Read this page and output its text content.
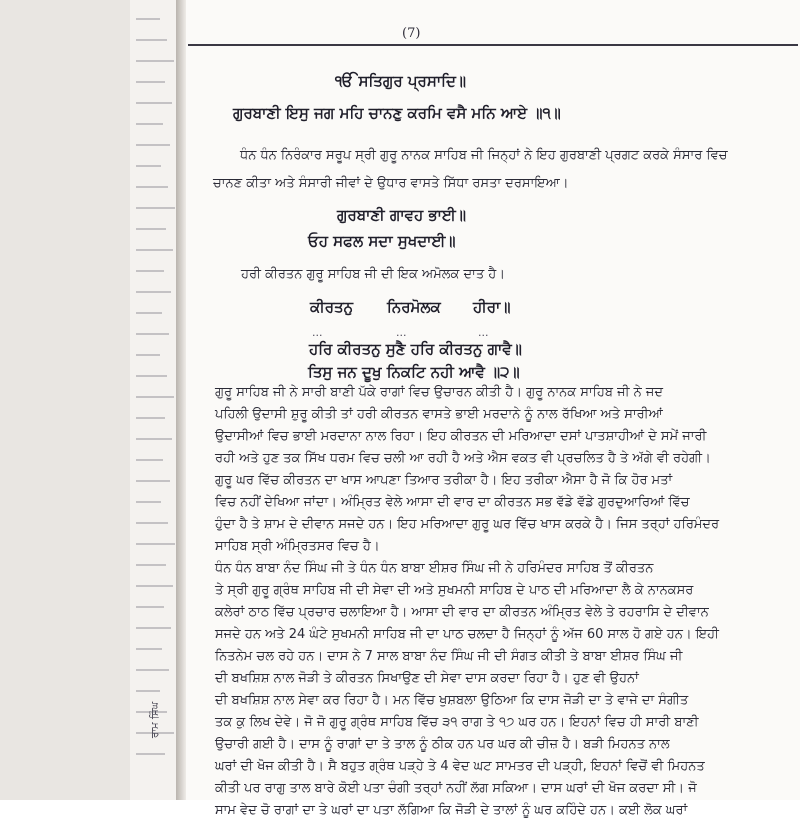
(7)
ੴ ਸਤਿਗੁਰ ਪ੍ਰਸਾਦਿ॥
ਗੁਰਬਾਣੀ ਇਸੁ ਜਗ ਮਹਿ ਚਾਨਣੁ ਕਰਮਿ ਵਸੈ ਮਨਿ ਆਏ ॥੧॥
ਧੰਨ ਧੰਨ ਨਿਰੰਕਾਰ ਸਰੂਪ ਸ੍ਰੀ ਗੁਰੂ ਨਾਨਕ ਸਾਹਿਬ ਜੀ ਜਿਨ੍ਹਾਂ ਨੇ ਇਹ ਗੁਰਬਾਣੀ ਪ੍ਰਗਟ ਕਰਕੇ ਸੰਸਾਰ ਵਿਚ
ਚਾਨਣ ਕੀਤਾ ਅਤੇ ਸੰਸਾਰੀ ਜੀਵਾਂ ਦੇ ਉਧਾਰ ਵਾਸਤੇ ਸਿੱਧਾ ਰਸਤਾ ਦਰਸਾਇਆ।
ਗੁਰਬਾਣੀ ਗਾਵਹ ਭਾਈ॥
ਓਹ ਸਫਲ ਸਦਾ ਸੁਖਦਾਈ॥
ਹਰੀ ਕੀਰਤਨ ਗੁਰੂ ਸਾਹਿਬ ਜੀ ਦੀ ਇਕ ਅਮੋਲਕ ਦਾਤ ਹੈ।
ਕੀਰਤਨੁ ਨਿਰਮੋਲਕ ਹੀਰਾ॥
...	...	...
ਹਰਿ ਕੀਰਤਨੁ ਸੁਣੈ ਹਰਿ ਕੀਰਤਨੁ ਗਾਵੈ॥
ਤਿਸੁ ਜਨ ਦੂਖੁ ਨਿਕਟਿ ਨਹੀ ਆਵੈ ॥੨॥
ਗੁਰੂ ਸਾਹਿਬ ਜੀ ਨੇ ਸਾਰੀ ਬਾਣੀ ਪੱਕੇ ਰਾਗਾਂ ਵਿਚ ਉਚਾਰਨ ਕੀਤੀ ਹੈ। ਗੁਰੂ ਨਾਨਕ ਸਾਹਿਬ ਜੀ ਨੇ ਜਦ
ਪਹਿਲੀ ਉਦਾਸੀ ਸ਼ੁਰੂ ਕੀਤੀ ਤਾਂ ਹਰੀ ਕੀਰਤਨ ਵਾਸਤੇ ਭਾਈ ਮਰਦਾਨੇ ਨੂੰ ਨਾਲ ਰੱਖਿਆ ਅਤੇ ਸਾਰੀਆਂ
ਉਦਾਸੀਆਂ ਵਿਚ ਭਾਈ ਮਰਦਾਨਾ ਨਾਲ ਰਿਹਾ। ਇਹ ਕੀਰਤਨ ਦੀ ਮਰਿਆਦਾ ਦਸਾਂ ਪਾਤਸ਼ਾਹੀਆਂ ਦੇ ਸਮੇਂ ਜਾਰੀ
ਰਹੀ ਅਤੇ ਹੁਣ ਤਕ ਸਿੱਖ ਧਰਮ ਵਿਚ ਚਲੀ ਆ ਰਹੀ ਹੈ ਅਤੇ ਐਸ ਵਕਤ ਵੀ ਪ੍ਰਚਲਿਤ ਹੈ ਤੇ ਅੱਗੇ ਵੀ ਰਹੇਗੀ।
ਗੁਰੂ ਘਰ ਵਿੱਚ ਕੀਰਤਨ ਦਾ ਖਾਸ ਆਪਣਾ ਤਿਆਰ ਤਰੀਕਾ ਹੈ। ਇਹ ਤਰੀਕਾ ਐਸਾ ਹੈ ਜੋ ਕਿ ਹੋਰ ਮਤਾਂ
ਵਿਚ ਨਹੀਂ ਦੇਖਿਆ ਜਾਂਦਾ। ਅੰਮ੍ਰਿਤ ਵੇਲੇ ਆਸਾ ਦੀ ਵਾਰ ਦਾ ਕੀਰਤਨ ਸਭ ਵੱਡੇ ਵੱਡੇ ਗੁਰਦੁਆਰਿਆਂ ਵਿੱਚ
ਹੁੰਦਾ ਹੈ ਤੇ ਸ਼ਾਮ ਦੇ ਦੀਵਾਨ ਸਜਦੇ ਹਨ। ਇਹ ਮਰਿਆਦਾ ਗੁਰੂ ਘਰ ਵਿੱਚ ਖਾਸ ਕਰਕੇ ਹੈ। ਜਿਸ ਤਰ੍ਹਾਂ ਹਰਿਮੰਦਰ
ਸਾਹਿਬ ਸ੍ਰੀ ਅੰਮ੍ਰਿਤਸਰ ਵਿਚ ਹੈ।
ਧੰਨ ਧੰਨ ਬਾਬਾ ਨੰਦ ਸਿੰਘ ਜੀ ਤੇ ਧੰਨ ਧੰਨ ਬਾਬਾ ਈਸ਼ਰ ਸਿੰਘ ਜੀ ਨੇ ਹਰਿਮੰਦਰ ਸਾਹਿਬ ਤੋਂ ਕੀਰਤਨ
ਤੇ ਸ੍ਰੀ ਗੁਰੂ ਗ੍ਰੰਥ ਸਾਹਿਬ ਜੀ ਦੀ ਸੇਵਾ ਦੀ ਅਤੇ ਸੁਖਮਨੀ ਸਾਹਿਬ ਦੇ ਪਾਠ ਦੀ ਮਰਿਆਦਾ ਲੈ ਕੇ ਨਾਨਕਸਰ
ਕਲੇਰਾਂ ਠਾਠ ਵਿੱਚ ਪ੍ਰਚਾਰ ਚਲਾਇਆ ਹੈ। ਆਸਾ ਦੀ ਵਾਰ ਦਾ ਕੀਰਤਨ ਅੰਮ੍ਰਿਤ ਵੇਲੇ ਤੇ ਰਹਰਾਸਿ ਦੇ ਦੀਵਾਨ
ਸਜਦੇ ਹਨ ਅਤੇ 24 ਘੰਟੇ ਸੁਖਮਨੀ ਸਾਹਿਬ ਜੀ ਦਾ ਪਾਠ ਚਲਦਾ ਹੈ ਜਿਨ੍ਹਾਂ ਨੂੰ ਅੱਜ 60 ਸਾਲ ਹੋ ਗਏ ਹਨ। ਇਹੀ
ਨਿਤਨੇਮ ਚਲ ਰਹੇ ਹਨ। ਦਾਸ ਨੇ 7 ਸਾਲ ਬਾਬਾ ਨੰਦ ਸਿੰਘ ਜੀ ਦੀ ਸੰਗਤ ਕੀਤੀ ਤੇ ਬਾਬਾ ਈਸ਼ਰ ਸਿੰਘ ਜੀ
ਦੀ ਬਖਸ਼ਿਸ਼ ਨਾਲ ਜੋੜੀ ਤੇ ਕੀਰਤਨ ਸਿਖਾਉਣ ਦੀ ਸੇਵਾ ਦਾਸ ਕਰਦਾ ਰਿਹਾ ਹੈ। ਹੁਣ ਵੀ ਉਹਨਾਂ
ਦੀ ਬਖਸ਼ਿਸ਼ ਨਾਲ ਸੇਵਾ ਕਰ ਰਿਹਾ ਹੈ। ਮਨ ਵਿੱਚ ਖੁਸ਼ਬਲਾ ਉਠਿਆ ਕਿ ਦਾਸ ਜੋੜੀ ਦਾ ਤੇ ਵਾਜੇ ਦਾ ਸੰਗੀਤ
ਤਕ ਕੁ ਲਿਖ ਦੇਵੇ। ਜੋ ਜੋ ਗੁਰੂ ਗ੍ਰੰਥ ਸਾਹਿਬ ਵਿੱਚ ੩੧ ਰਾਗ ਤੇ ੧੭ ਘਰ ਹਨ। ਇਹਨਾਂ ਵਿਚ ਹੀ ਸਾਰੀ ਬਾਣੀ
ਉਚਾਰੀ ਗਈ ਹੈ। ਦਾਸ ਨੂੰ ਰਾਗਾਂ ਦਾ ਤੇ ਤਾਲ ਨੂੰ ਠੀਕ ਹਨ ਪਰ ਘਰ ਕੀ ਚੀਜ਼ ਹੈ। ਬੜੀ ਮਿਹਨਤ ਨਾਲ
ਘਰਾਂ ਦੀ ਖੋਜ ਕੀਤੀ ਹੈ। ਸੈ ਬਹੁਤ ਗ੍ਰੰਥ ਪੜ੍ਹੇ ਤੇ 4 ਵੇਦ ਘਟ ਸਾਮਤਰ ਦੀ ਪੜ੍ਹੀ, ਇਹਨਾਂ ਵਿਚੋਂ ਵੀ ਮਿਹਨਤ
ਕੀਤੀ ਪਰ ਰਾਗੁ ਤਾਲ ਬਾਰੇ ਕੋਈ ਪਤਾ ਚੰਗੀ ਤਰ੍ਹਾਂ ਨਹੀਂ ਲੱਗ ਸਕਿਆ। ਦਾਸ ਘਰਾਂ ਦੀ ਖੋਜ ਕਰਦਾ ਸੀ। ਜੋ
ਸਾਮ ਵੇਦ ਚੋ ਰਾਗਾਂ ਦਾ ਤੇ ਘਰਾਂ ਦਾ ਪਤਾ ਲੱਗਿਆ ਕਿ ਜੋੜੀ ਦੇ ਤਾਲਾਂ ਨੂੰ ਘਰ ਕਹਿੰਦੇ ਹਨ। ਕਈ ਲੋਕ ਘਰਾਂ
ਰਾਮ ਸਿੰਘ
